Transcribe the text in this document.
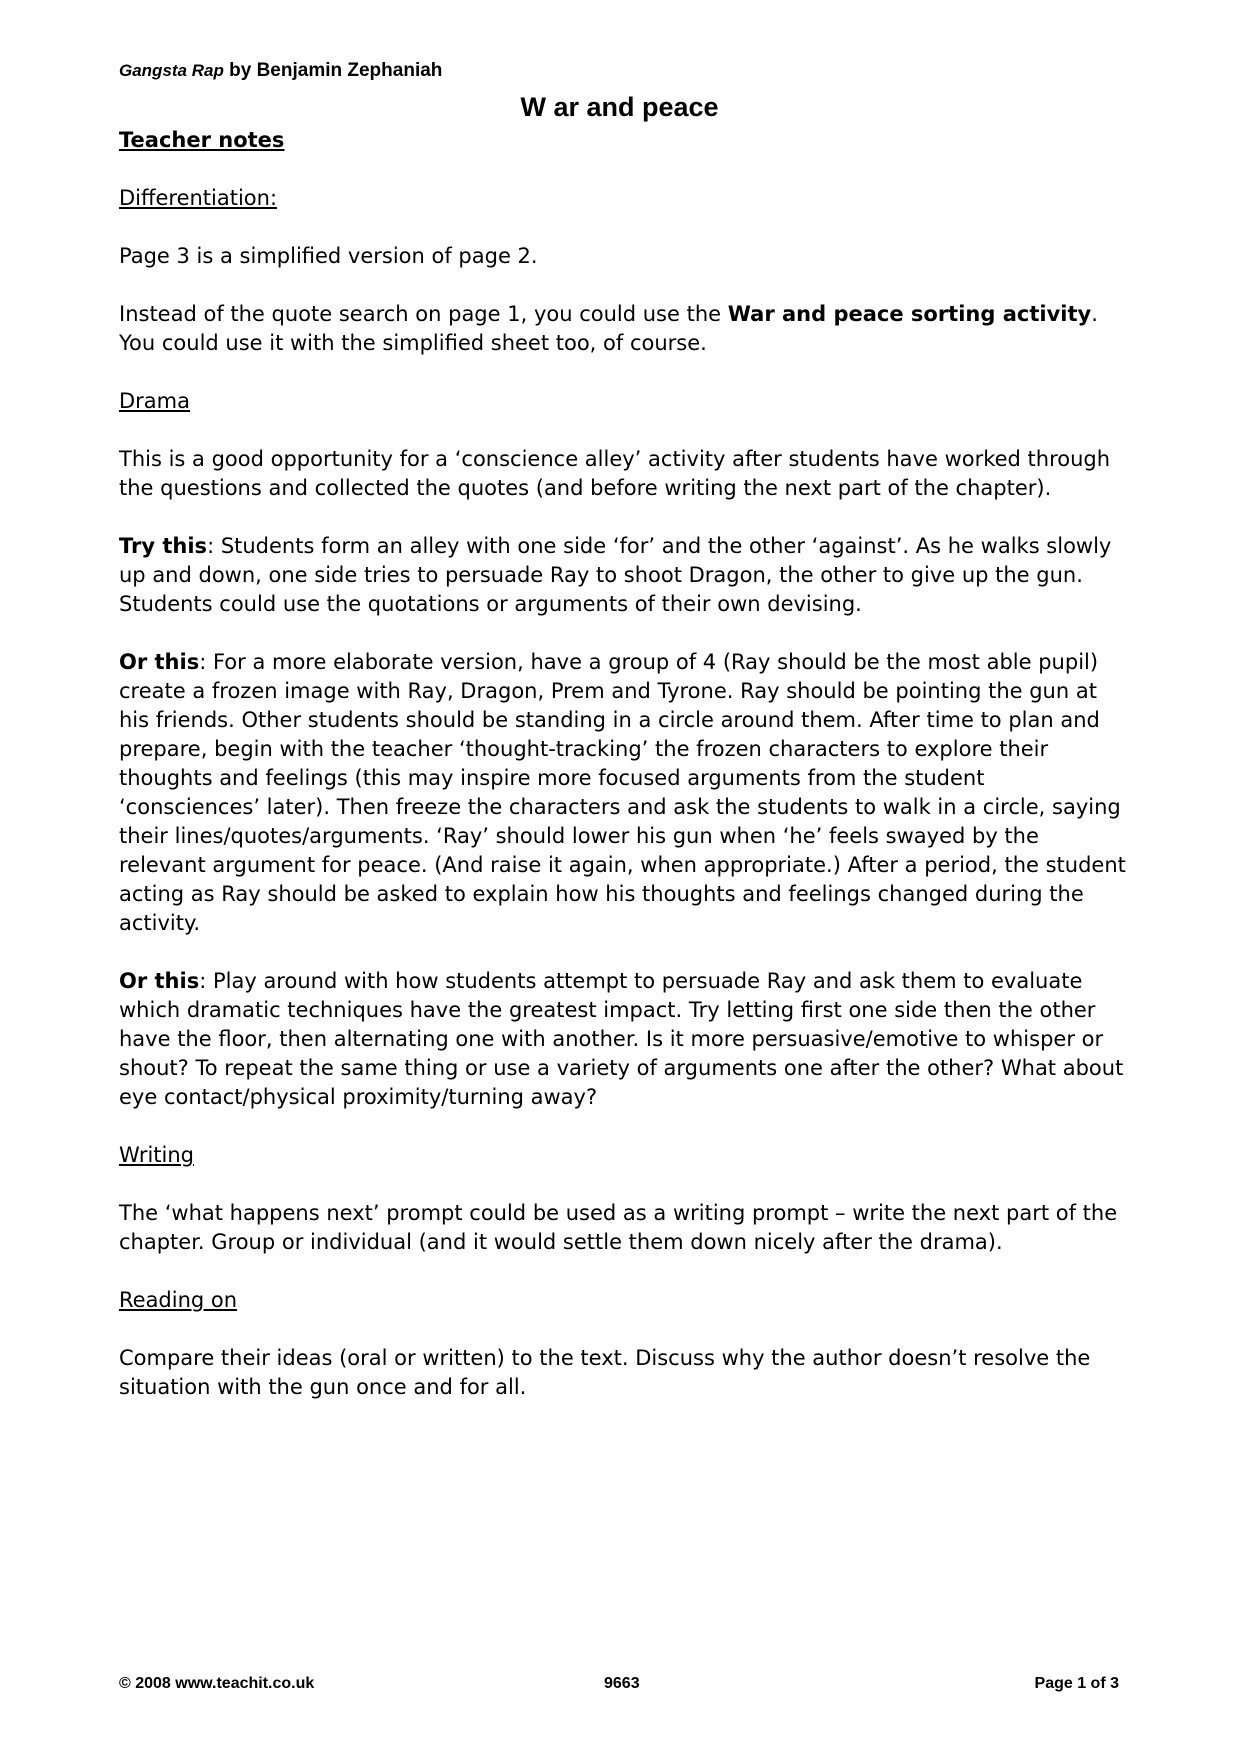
Gangsta Rap by Benjamin Zephaniah
W ar and peace

Teacher notes

Differentiation:

Page 3 is a simplified version of page 2.

Instead of the quote search on page 1, you could use the War and peace sorting activity. You could use it with the simplified sheet too, of course.

Drama

This is a good opportunity for a ‘conscience alley’ activity after students have worked through the questions and collected the quotes (and before writing the next part of the chapter).

Try this: Students form an alley with one side ‘for’ and the other ‘against’. As he walks slowly up and down, one side tries to persuade Ray to shoot Dragon, the other to give up the gun. Students could use the quotations or arguments of their own devising.

Or this: For a more elaborate version, have a group of 4 (Ray should be the most able pupil) create a frozen image with Ray, Dragon, Prem and Tyrone. Ray should be pointing the gun at his friends. Other students should be standing in a circle around them. After time to plan and prepare, begin with the teacher ‘thought-tracking’ the frozen characters to explore their thoughts and feelings (this may inspire more focused arguments from the student ‘consciences’ later). Then freeze the characters and ask the students to walk in a circle, saying their lines/quotes/arguments. ‘Ray’ should lower his gun when ‘he’ feels swayed by the relevant argument for peace. (And raise it again, when appropriate.) After a period, the student acting as Ray should be asked to explain how his thoughts and feelings changed during the activity.

Or this: Play around with how students attempt to persuade Ray and ask them to evaluate which dramatic techniques have the greatest impact. Try letting first one side then the other have the floor, then alternating one with another. Is it more persuasive/emotive to whisper or shout? To repeat the same thing or use a variety of arguments one after the other? What about eye contact/physical proximity/turning away?

Writing

The ‘what happens next’ prompt could be used as a writing prompt – write the next part of the chapter. Group or individual (and it would settle them down nicely after the drama).

Reading on

Compare their ideas (oral or written) to the text. Discuss why the author doesn’t resolve the situation with the gun once and for all.

© 2008 www.teachit.co.uk	9663	Page 1 of 3
